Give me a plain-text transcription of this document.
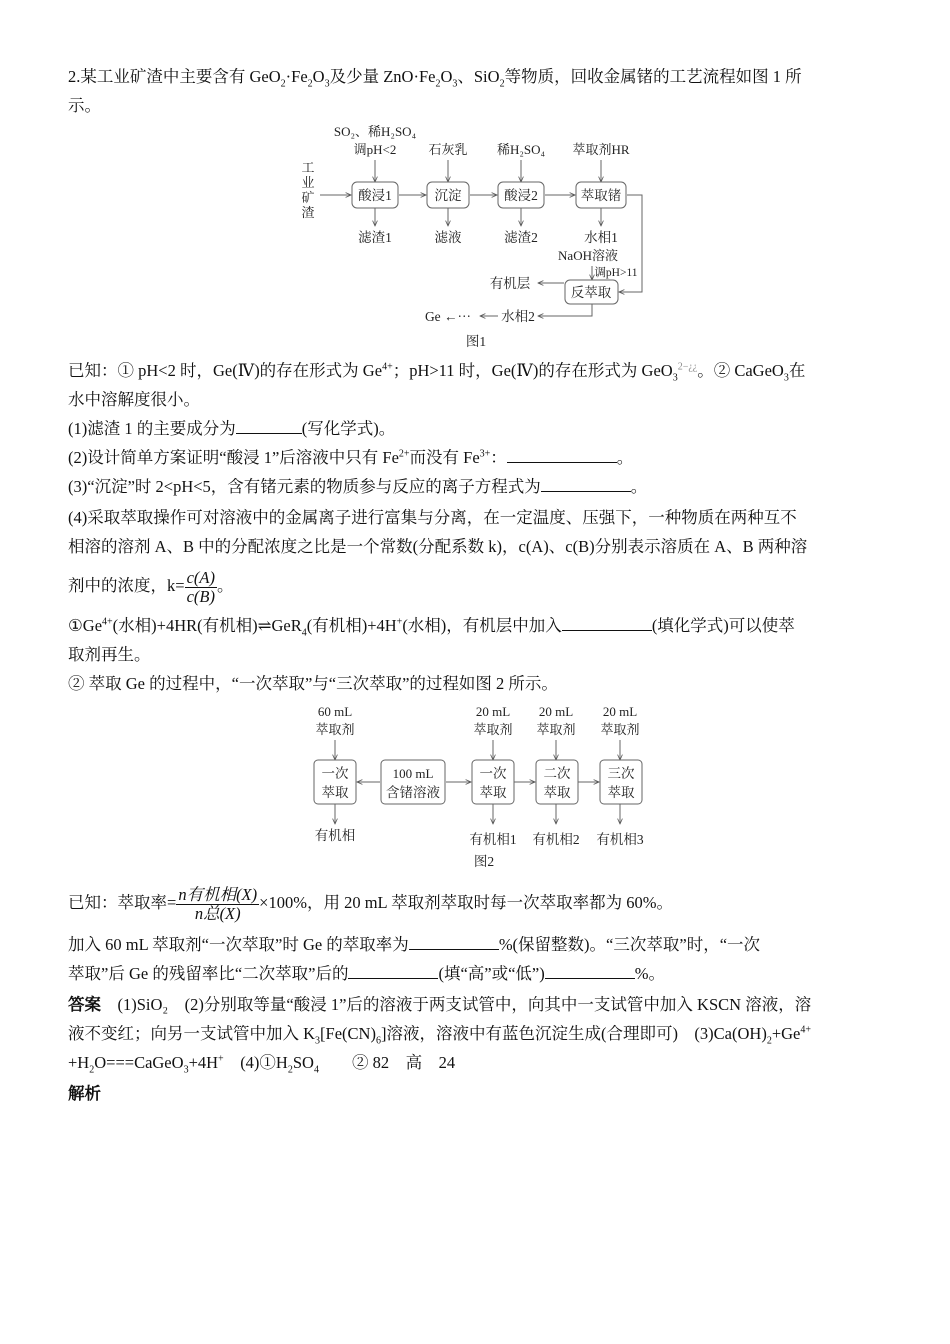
2.某工业矿渣中主要含有 $GeO_2\cdot Fe_2O_3$及少量 $ZnO\cdot Fe_2O_3$、SiO$_2$等物质，回收金属锗的工艺流程如图 1 所

示。

工
业
矿
渣
SO₂、稀H₂SO₄
调pH<2 石灰乳 稀H₂SO₄ 萃取剂HR
酸浸1	沉淀	酸浸2	萃取锗
反萃取
滤渣1	滤液	滤渣2	水相1
NaOH溶液
调pH>11
有机层
水相2
Ge ←···
图1

已知：① pH<2 时，Ge(Ⅳ)的存在形式为 $Ge^{4+}$；pH>11 时，Ge(Ⅳ)的存在形式为 GeO$_3^{2-¿¿}$。② CaGeO$_3$在

水中溶解度很小。

(1)滤渣 1 的主要成分为	(写化学式)。

(2)设计简单方案证明“酸浸 1”后溶液中只有 $Fe^{2+}$而没有 $Fe^{3+}$：	。

(3)“沉淀”时 2<pH<5，含有锗元素的物质参与反应的离子方程式为	。

(4)采取萃取操作可对溶液中的金属离子进行富集与分离，在一定温度、压强下，一种物质在两种互不

相溶的溶剂 A、B 中的分配浓度之比是一个常数(分配系数 k)，c(A)、c(B)分别表示溶质在 A、B 两种溶

剂中的浓度，$k= \frac{c(A)}{c(B)}$ 。

$①Ge^{4+}$(水相)+4HR(有机相)⇌GeR$_4$(有机相)+4H+(水相)，有机层中加入	(填化学式)可以使萃

取剂再生。

② 萃取 Ge 的过程中，“一次萃取”与“三次萃取”的过程如图 2 所示。

60 mL
萃取剂
20 mL
萃取剂
20 mL
萃取剂
20 mL
萃取剂
一次
萃取
100 mL
含锗溶液
一次
萃取
二次
萃取
三次
萃取
有机相	有机相1 有机相2 有机相3
图2

已知：萃取率= $\frac{\text{n有机相(X)}}{\text{n总(X)}} \times 100\%$，用 20 mL 萃取剂萃取时每一次萃取率都为 60%。

加入 60 mL 萃取剂“一次萃取”时 Ge 的萃取率为	%(保留整数)。“三次萃取”时，“一次

萃取”后 Ge 的残留率比“二次萃取”后的	(填“高”或“低”)	%。

答案　 (1)SiO₂　(2)分别取等量“酸浸 1”后的溶液于两支试管中，向其中一支试管中加入 KSCN 溶液，溶

液不变红；向另一支试管中加入 $K_3[Fe(CN)_6]$溶液，溶液中有蓝色沉淀生成(合理即可)　$(3)Ca(OH)_2+Ge^{4+}$

$+H_2O===CaGeO_3+4H^+$　$(4)①H_2SO_4$　　② 82　高　24

解析
